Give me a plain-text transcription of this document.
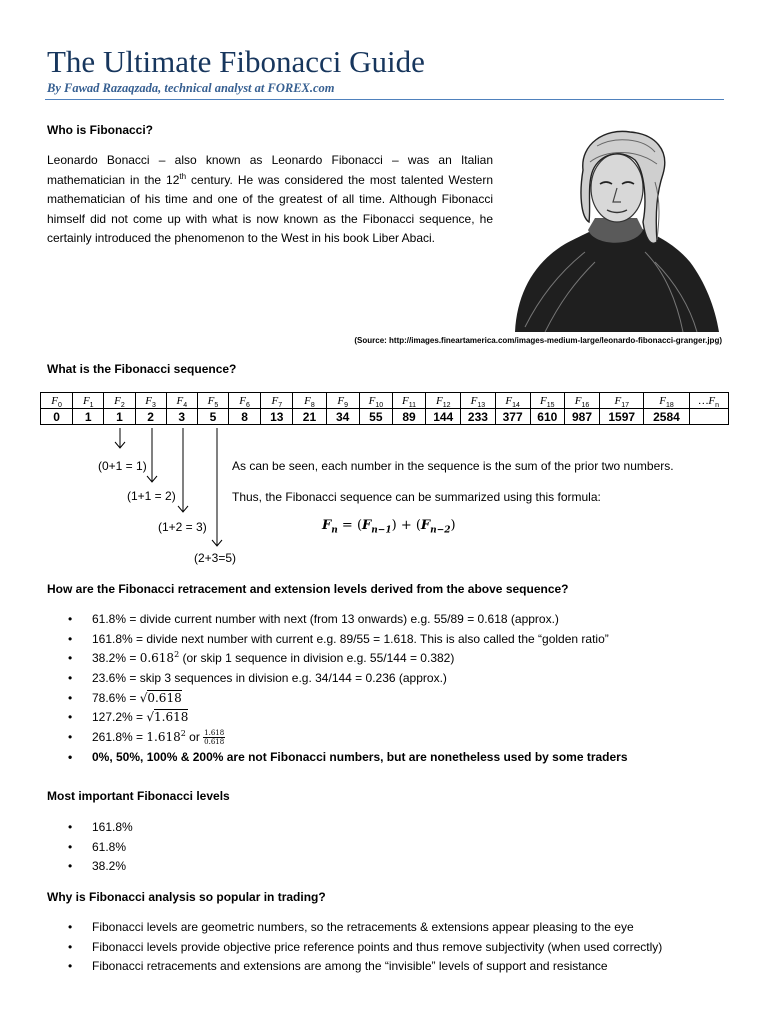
The Ultimate Fibonacci Guide
By Fawad Razaqzada, technical analyst at FOREX.com
Who is Fibonacci?
Leonardo Bonacci – also known as Leonardo Fibonacci – was an Italian mathematician in the 12th century. He was considered the most talented Western mathematician of his time and one of the greatest of all time. Although Fibonacci himself did not come up with what is now known as the Fibonacci sequence, he certainly introduced the phenomenon to the West in his book Liber Abaci.
(Source: http://images.fineartamerica.com/images-medium-large/leonardo-fibonacci-granger.jpg)
What is the Fibonacci sequence?
$F_0$	$F_1$	$F_2$	$F_3$	$F_4$	$F_5$	$F_6$	$F_7$	$F_8$	$F_9$	$F_{10}$	$F_{11}$	$F_{12}$	$F_{13}$	$F_{14}$	$F_{15}$	$F_{16}$	$F_{17}$	$F_{18}$	$\dots F_n$
0	1	1	2	3	5	8	13	21	34	55	89	144	233	377	610	987	1597	2584	
(0+1 = 1)
(1+1 = 2)
(1+2 = 3)
(2+3=5)
As can be seen, each number in the sequence is the sum of the prior two numbers.
Thus, the Fibonacci sequence can be summarized using this formula:
$F_n = (F_{n-1}) + (F_{n-2})$
How are the Fibonacci retracement and extension levels derived from the above sequence?
• 61.8% = divide current number with next (from 13 onwards) e.g. 55/89 = 0.618 (approx.)
• 161.8% = divide next number with current e.g. 89/55 = 1.618. This is also called the “golden ratio”
• $38.2\% = 0.618^2$ (or skip 1 sequence in division e.g. 55/144 = 0.382)
• 23.6% = skip 3 sequences in division e.g. 34/144 = 0.236 (approx.)
• 78.6% = √0.618
• 127.2% = √1.618
• $261.8\% = 1.618^2$ or $\frac{1.618}{0.618}$
• 0%, 50%, 100% & 200% are not Fibonacci numbers, but are nonetheless used by some traders
Most important Fibonacci levels
• 161.8%
• 61.8%
• 38.2%
Why is Fibonacci analysis so popular in trading?
• Fibonacci levels are geometric numbers, so the retracements & extensions appear pleasing to the eye
• Fibonacci levels provide objective price reference points and thus remove subjectivity (when used correctly)
• Fibonacci retracements and extensions are among the “invisible” levels of support and resistance
